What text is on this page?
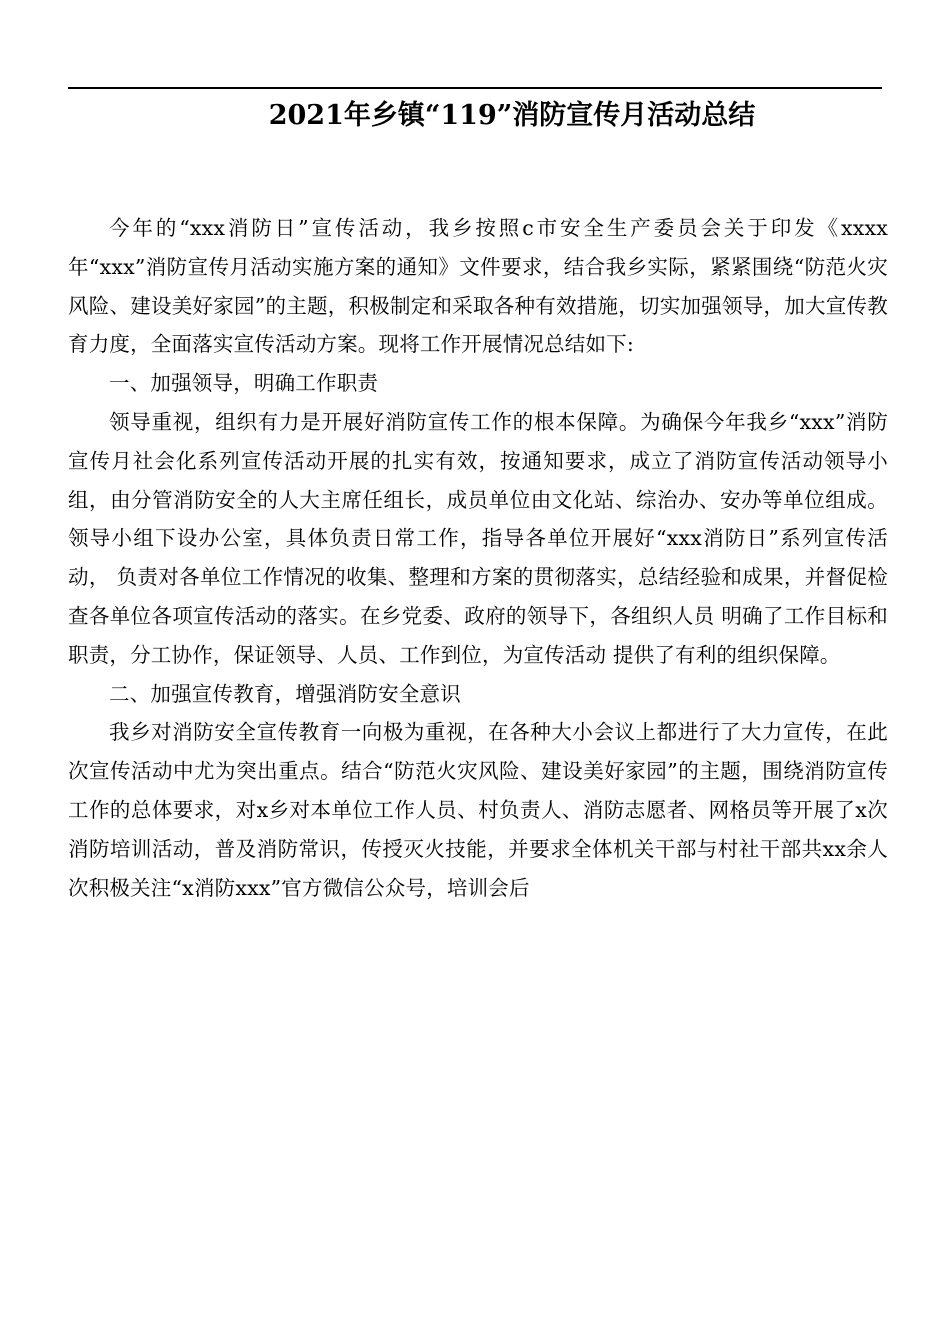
2021年乡镇“119”消防宣传月活动总结

今年的“xxx消防日”宣传活动，我乡按照c市安全生产委员会关于印发《xxxx年“xxx”消防宣传月活动实施方案的通知》文件要求，结合我乡实际，紧紧围绕“防范火灾风险、建设美好家园”的主题，积极制定和采取各种有效措施，切实加强领导，加大宣传教育力度，全面落实宣传活动方案。现将工作开展情况总结如下:

一、加强领导，明确工作职责

领导重视，组织有力是开展好消防宣传工作的根本保障。为确保今年我乡“xxx”消防宣传月社会化系列宣传活动开展的扎实有效，按通知要求，成立了消防宣传活动领导小组，由分管消防安全的人大主席任组长，成员单位由文化站、综治办、安办等单位组成。领导小组下设办公室，具体负责日常工作，指导各单位开展好“xxx消防日”系列宣传活动， 负责对各单位工作情况的收集、整理和方案的贯彻落实，总结经验和成果，并督促检查各单位各项宣传活动的落实。在乡党委、政府的领导下，各组织人员 明确了工作目标和职责，分工协作，保证领导、人员、工作到位，为宣传活动 提供了有利的组织保障。

二、加强宣传教育，增强消防安全意识

我乡对消防安全宣传教育一向极为重视，在各种大小会议上都进行了大力宣传，在此次宣传活动中尤为突出重点。结合“防范火灾风险、建设美好家园”的主题，围绕消防宣传工作的总体要求，对x乡对本单位工作人员、村负责人、消防志愿者、网格员等开展了x次消防培训活动，普及消防常识，传授灭火技能，并要求全体机关干部与村社干部共xx余人次积极关注“x消防xxx”官方微信公众号，培训会后
